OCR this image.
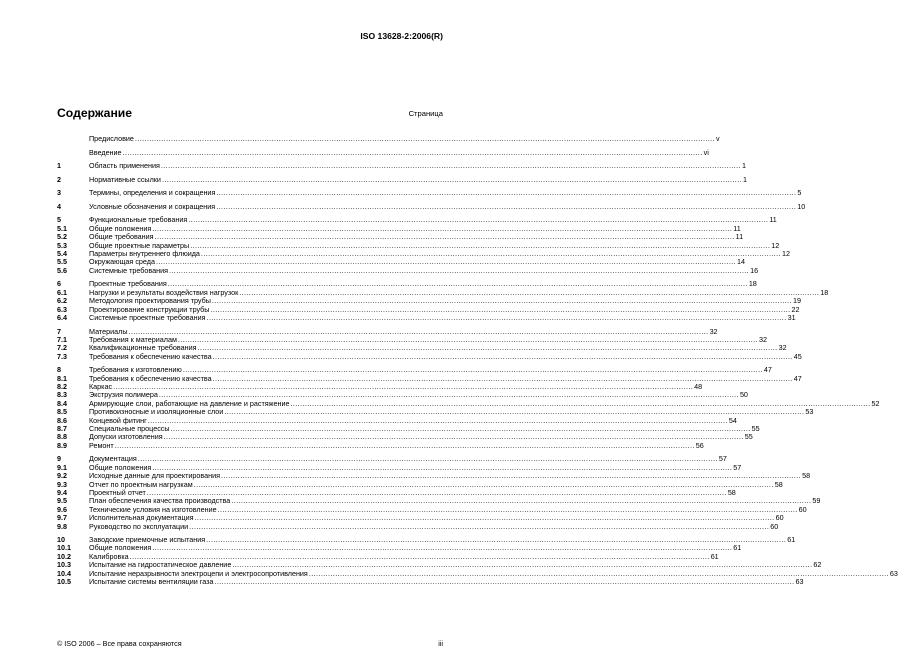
ISO 13628-2:2006(R)
Содержание	Страница
Предисловие .....	v
Введение .....	vi
1	Область применения .....	1
2	Нормативные ссылки .....	1
3	Термины, определения и сокращения .....	5
4	Условные обозначения и сокращения .....	10
5	Функциональные требования .....	11
5.1	Общие положения .....	11
5.2	Общие требования .....	11
5.3	Общие проектные параметры .....	12
5.4	Параметры внутреннего флюида .....	12
5.5	Окружающая среда .....	14
5.6	Системные требования .....	16
6	Проектные требования .....	18
6.1	Нагрузки и результаты воздействия нагрузок .....	18
6.2	Методология проектирования трубы .....	19
6.3	Проектирование конструкции трубы .....	22
6.4	Системные проектные требования .....	31
7	Материалы .....	32
7.1	Требования к материалам .....	32
7.2	Квалификационные требования .....	32
7.3	Требования к обеспечению качества .....	45
8	Требования к изготовлению .....	47
8.1	Требования к обеспечению качества .....	47
8.2	Каркас .....	48
8.3	Экструзия полимера .....	50
8.4	Армирующие слои, работающие на давление и растяжение .....	52
8.5	Противоизносные и изоляционные слои .....	53
8.6	Концевой фитинг .....	54
8.7	Специальные процессы .....	55
8.8	Допуски изготовления .....	55
8.9	Ремонт .....	56
9	Документация .....	57
9.1	Общие положения .....	57
9.2	Исходные данные для проектирования .....	58
9.3	Отчет по проектным нагрузкам .....	58
9.4	Проектный отчет .....	58
9.5	План обеспечения качества производства .....	59
9.6	Технические условия на изготовление .....	60
9.7	Исполнительная документация .....	60
9.8	Руководство по эксплуатации .....	60
10	Заводские приемочные испытания .....	61
10.1	Общие положения .....	61
10.2	Калибровка .....	61
10.3	Испытание на гидростатическое давление .....	62
10.4	Испытание неразрывности электроцепи и электросопротивления .....	63
10.5	Испытание системы вентиляции газа .....	63
© ISO 2006 – Все права сохраняются	iii
